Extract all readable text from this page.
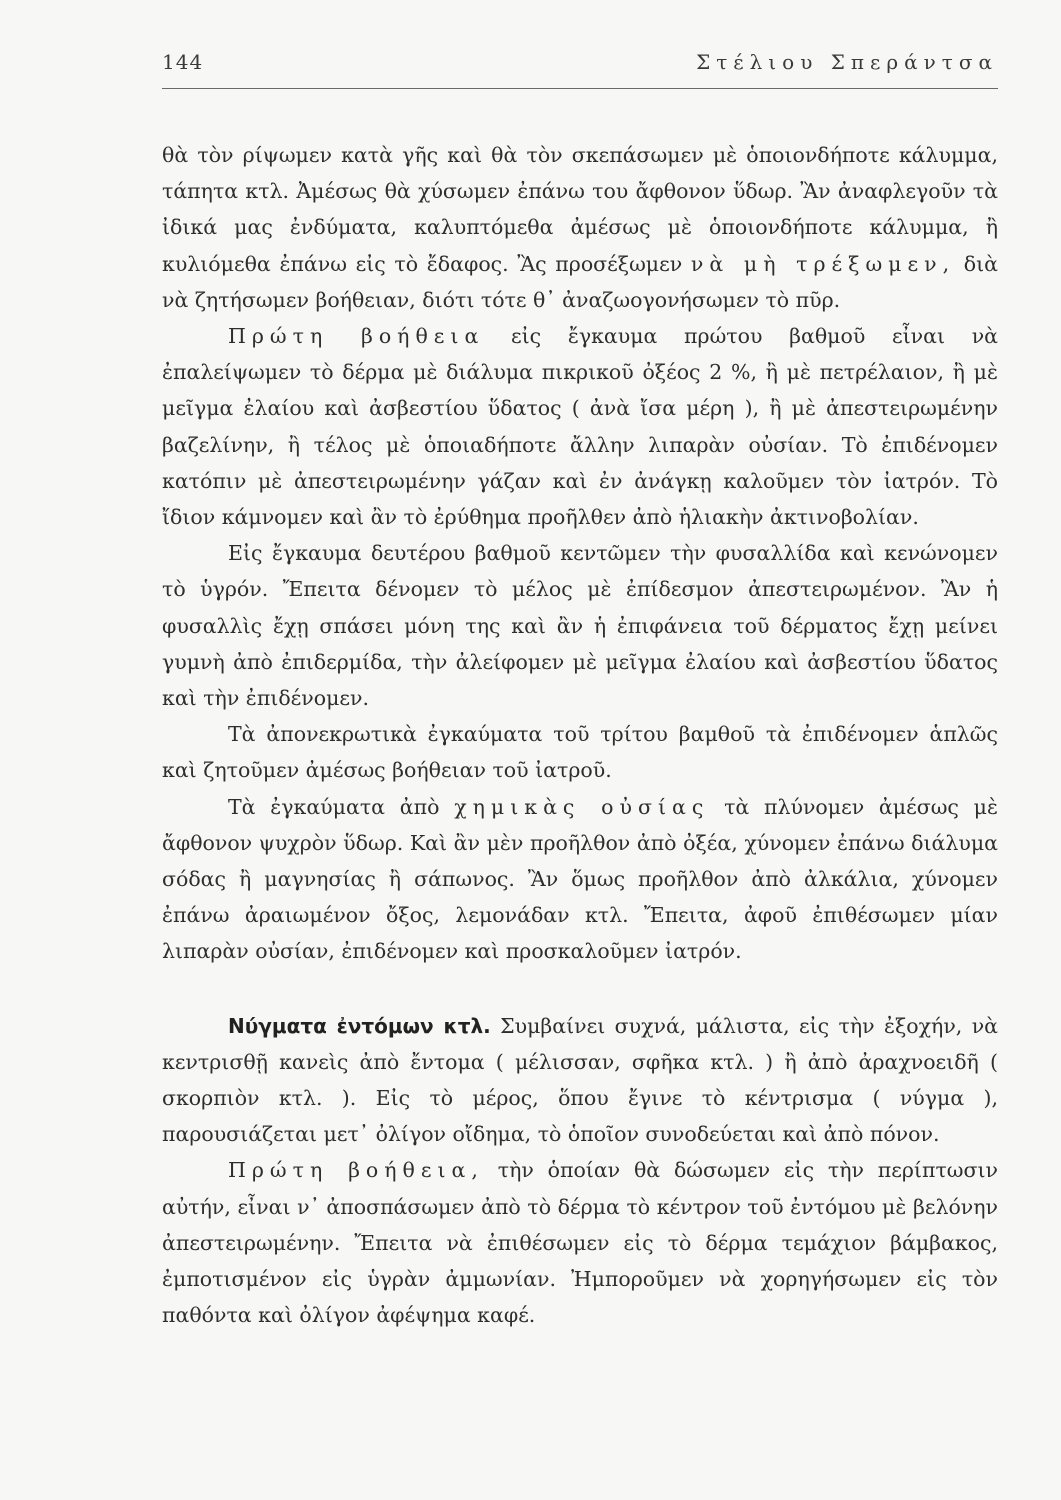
144	Στέλιου Σπεράντσα

θὰ τὸν ρίψωμεν κατὰ γῆς καὶ θὰ τὸν σκεπάσωμεν μὲ ὁποιονδήποτε κάλυμμα, τάπητα κτλ. Ἀμέσως θὰ χύσωμεν ἐπάνω του ἄφθονον ὕδωρ. Ἂν ἀναφλεγοῦν τὰ ἰδικά μας ἐνδύματα, καλυπτόμεθα ἀμέσως μὲ ὁποιονδήποτε κάλυμμα, ἢ κυλιόμεθα ἐπάνω εἰς τὸ ἔδαφος. Ἂς προσέξωμεν νὰ μὴ τρέξωμεν, διὰ νὰ ζητήσωμεν βοήθειαν, διότι τότε θ᾽ ἀναζωογονήσωμεν τὸ πῦρ.

Πρώτη βοήθεια εἰς ἔγκαυμα πρώτου βαθμοῦ εἶναι νὰ ἐπαλείψωμεν τὸ δέρμα μὲ διάλυμα πικρικοῦ ὀξέος 2 %, ἢ μὲ πετρέλαιον, ἢ μὲ μεῖγμα ἐλαίου καὶ ἀσβεστίου ὕδατος ( ἀνὰ ἴσα μέρη ), ἢ μὲ ἀπεστειρωμένην βαζελίνην, ἢ τέλος μὲ ὁποιαδήποτε ἄλλην λιπαρὰν οὐσίαν. Τὸ ἐπιδένομεν κατόπιν μὲ ἀπεστειρωμένην γάζαν καὶ ἐν ἀνάγκῃ καλοῦμεν τὸν ἰατρόν. Τὸ ἴδιον κάμνομεν καὶ ἂν τὸ ἐρύθημα προῆλθεν ἀπὸ ἡλιακὴν ἀκτινοβολίαν.

Εἰς ἔγκαυμα δευτέρου βαθμοῦ κεντῶμεν τὴν φυσαλλίδα καὶ κενώνομεν τὸ ὑγρόν. Ἔπειτα δένομεν τὸ μέλος μὲ ἐπίδεσμον ἀπεστειρωμένον. Ἂν ἡ φυσαλλὶς ἔχῃ σπάσει μόνη της καὶ ἂν ἡ ἐπιφάνεια τοῦ δέρματος ἔχῃ μείνει γυμνὴ ἀπὸ ἐπιδερμίδα, τὴν ἀλείφομεν μὲ μεῖγμα ἐλαίου καὶ ἀσβεστίου ὕδατος καὶ τὴν ἐπιδένομεν.

Τὰ ἀπονεκρωτικὰ ἐγκαύματα τοῦ τρίτου βαμθοῦ τὰ ἐπιδένομεν ἁπλῶς καὶ ζητοῦμεν ἀμέσως βοήθειαν τοῦ ἰατροῦ.

Τὰ ἐγκαύματα ἀπὸ χημικὰς οὐσίας τὰ πλύνομεν ἀμέσως μὲ ἄφθονον ψυχρὸν ὕδωρ. Καὶ ἂν μὲν προῆλθον ἀπὸ ὀξέα, χύνομεν ἐπάνω διάλυμα σόδας ἢ μαγνησίας ἢ σάπωνος. Ἂν ὅμως προῆλθον ἀπὸ ἀλκάλια, χύνομεν ἐπάνω ἀραιωμένον ὄξος, λεμονάδαν κτλ. Ἔπειτα, ἀφοῦ ἐπιθέσωμεν μίαν λιπαρὰν οὐσίαν, ἐπιδένομεν καὶ προσκαλοῦμεν ἰατρόν.

Νύγματα ἐντόμων κτλ. Συμβαίνει συχνά, μάλιστα, εἰς τὴν ἐξοχήν, νὰ κεντρισθῇ κανεὶς ἀπὸ ἔντομα ( μέλισσαν, σφῆκα κτλ. ) ἢ ἀπὸ ἀραχνοειδῆ ( σκορπιὸν κτλ. ). Εἰς τὸ μέρος, ὅπου ἔγινε τὸ κέντρισμα ( νύγμα ), παρουσιάζεται μετ᾽ ὀλίγον οἴδημα, τὸ ὁποῖον συνοδεύεται καὶ ἀπὸ πόνον.

Πρώτη βοήθεια, τὴν ὁποίαν θὰ δώσωμεν εἰς τὴν περίπτωσιν αὐτήν, εἶναι ν᾽ ἀποσπάσωμεν ἀπὸ τὸ δέρμα τὸ κέντρον τοῦ ἐντόμου μὲ βελόνην ἀπεστειρωμένην. Ἔπειτα νὰ ἐπιθέσωμεν εἰς τὸ δέρμα τεμάχιον βάμβακος, ἐμποτισμένον εἰς ὑγρὰν ἀμμωνίαν. Ἠμποροῦμεν νὰ χορηγήσωμεν εἰς τὸν παθόντα καὶ ὀλίγον ἀφέψημα καφέ.
